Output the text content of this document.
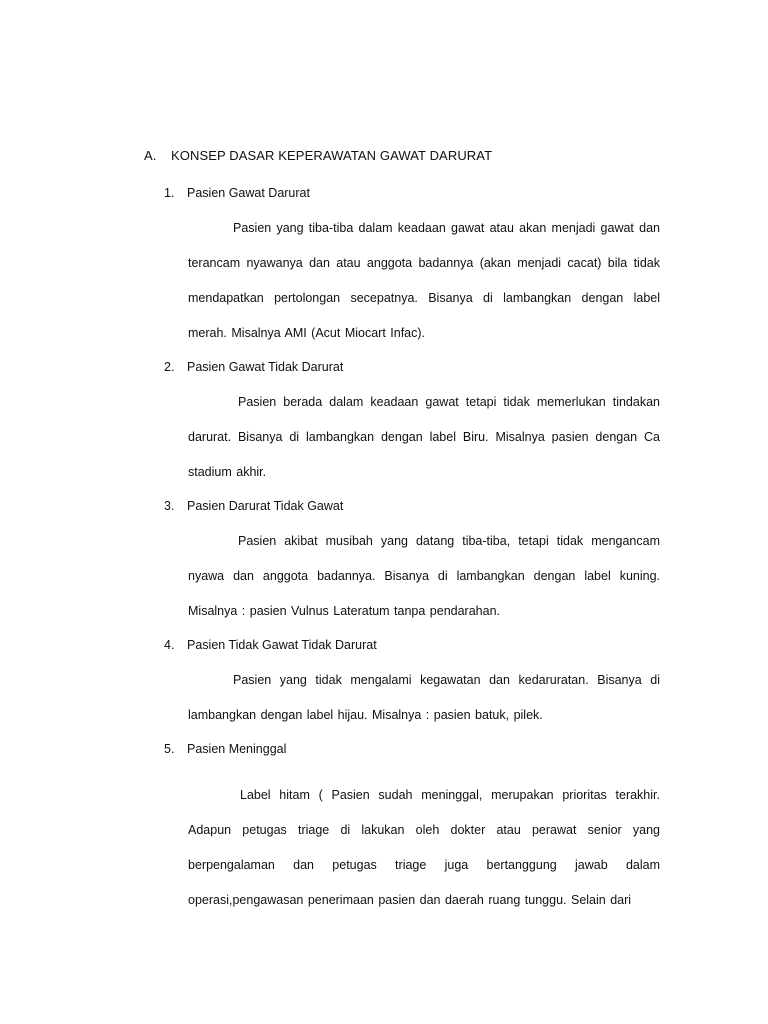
A. KONSEP DASAR KEPERAWATAN GAWAT DARURAT
1. Pasien Gawat Darurat
Pasien yang tiba-tiba dalam keadaan gawat atau akan menjadi gawat dan terancam nyawanya dan atau anggota badannya (akan menjadi cacat) bila tidak mendapatkan pertolongan secepatnya. Bisanya di lambangkan dengan label merah. Misalnya AMI (Acut Miocart Infac).
2. Pasien Gawat Tidak Darurat
Pasien berada dalam keadaan gawat tetapi tidak memerlukan tindakan darurat. Bisanya di lambangkan dengan label Biru. Misalnya pasien dengan Ca stadium akhir.
3. Pasien Darurat Tidak Gawat
Pasien akibat musibah yang datang tiba-tiba, tetapi tidak mengancam nyawa dan anggota badannya. Bisanya di lambangkan dengan label kuning. Misalnya : pasien Vulnus Lateratum tanpa pendarahan.
4. Pasien Tidak Gawat Tidak Darurat
Pasien yang tidak mengalami kegawatan dan kedaruratan. Bisanya di lambangkan dengan label hijau. Misalnya : pasien batuk, pilek.
5. Pasien Meninggal
Label hitam ( Pasien sudah meninggal, merupakan prioritas terakhir. Adapun petugas triage di lakukan oleh dokter atau perawat senior yang berpengalaman dan petugas triage juga bertanggung jawab dalam operasi,pengawasan penerimaan pasien dan daerah ruang tunggu. Selain dari
